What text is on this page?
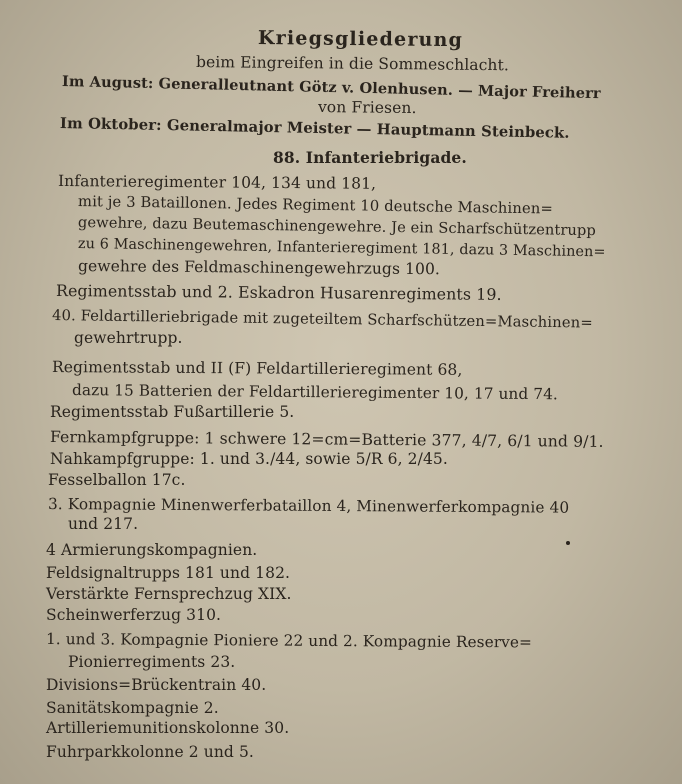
Kriegsgliederung
beim Eingreifen in die Sommeschlacht.
Im August: Generalleutnant Götz v. Olenhusen. — Major Freiherr
von Friesen.
Im Oktober: Generalmajor Meister — Hauptmann Steinbeck.
88. Infanteriebrigade.
Infanterieregimenter 104, 134 und 181,
mit je 3 Bataillonen. Jedes Regiment 10 deutsche Maschinen=
gewehre, dazu Beutemaschinengewehre. Je ein Scharfschützentrupp
zu 6 Maschinengewehren, Infanterieregiment 181, dazu 3 Maschinen=
gewehre des Feldmaschinengewehrzugs 100.
Regimentsstab und 2. Eskadron Husarenregiments 19.
40. Feldartilleriebrigade mit zugeteiltem Scharfschützen=Maschinen=
gewehrtrupp.
Regimentsstab und II (F) Feldartillerieregiment 68,
dazu 15 Batterien der Feldartillerieregimenter 10, 17 und 74.
Regimentsstab Fußartillerie 5.
Fernkampfgruppe: 1 schwere 12=cm=Batterie 377, 4/7, 6/1 und 9/1.
Nahkampfgruppe: 1. und 3./44, sowie 5/R 6, 2/45.
Fesselballon 17c.
3. Kompagnie Minenwerferbataillon 4, Minenwerferkompagnie 40
und 217.
4 Armierungskompagnien.
Feldsignaltrupps 181 und 182.
Verstärkte Fernsprechzug XIX.
Scheinwerferzug 310.
1. und 3. Kompagnie Pioniere 22 und 2. Kompagnie Reserve=
Pionierregiments 23.
Divisions=Brückentrain 40.
Sanitätskompagnie 2.
Artilleriemunitionskolonne 30.
Fuhrparkkolonne 2 und 5.
